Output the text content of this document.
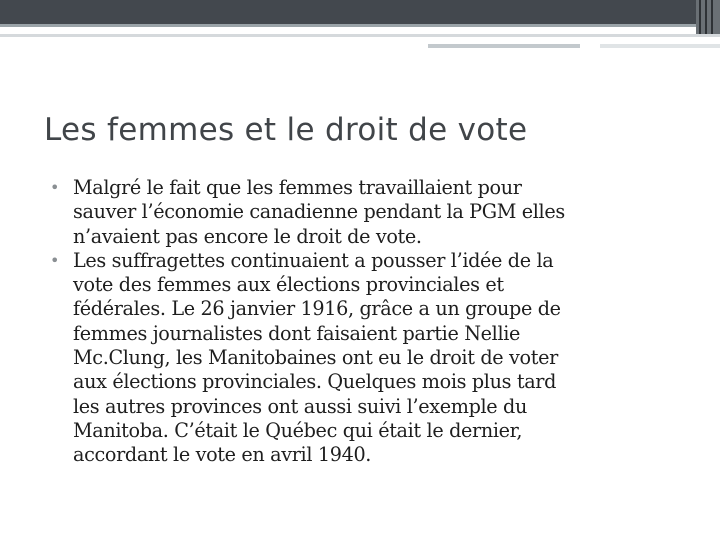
Les femmes et le droit de vote
• Malgré le fait que les femmes travaillaient pour
sauver l’économie canadienne pendant la PGM elles
n’avaient pas encore le droit de vote.
• Les suffragettes continuaient a pousser l’idée de la
vote des femmes aux élections provinciales et
fédérales. Le 26 janvier 1916, grâce a un groupe de
femmes journalistes dont faisaient partie Nellie
Mc.Clung, les Manitobaines ont eu le droit de voter
aux élections provinciales. Quelques mois plus tard
les autres provinces ont aussi suivi l’exemple du
Manitoba. C’était le Québec qui était le dernier,
accordant le vote en avril 1940.
